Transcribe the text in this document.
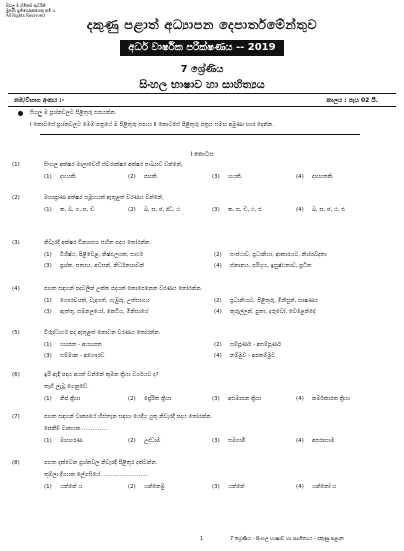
සියලු ම හිමිකම් ඇව්රිනි
මුළුමා ප්‍රතිශෝදකයෙකු නමි ය
All Rights Reserved
දකුණු පළාත් අධ්‍යාපන දෙපාර්තමේන්තුව
අර්ධ වාර්ෂික පරීක්ෂණය -- 2019
7 ශ්‍රේණිය
සිංහල භාෂාව හා සාහිත්‍යය
නම/විභාග අංකය :-	කාලය : පැය 02 යි.
සියලු ම ප්‍රශ්නවලට පිළිතුරු සපයන්න.
I කොටසේ ප්‍රශ්නවලට මෙම පත්‍රයේ ම පිළිතුරු සපයා II කොටසේ පිළිතුරු පත්‍රය සමඟ අමුණා භාර දෙන්න.
I කොටස
(1)	සිංහල අක්ෂර මාලාවෙහි ස්වරාක්ෂර අක්ෂර සංඛ්‍යාව වන්නේ,
(1) දහයකි.	(2) පහකි.	(3) හයකි.	(4) දහහතකි.
(2)	මහාප්‍රාණ අක්ෂර සමූහයක් ඇතුළත් වරණය වන්නේ,
(1) ක, ඛ, ග, ඝ, ඩ	(2) ඛ, ඝ, ඡ, ඣ, ඨ	(3) ක, ඝ, ඩ, ථ, ඪ	(4) ඛ, ඝ, ඡ, ඨ, ඪ
(3)	නිවැරදි අක්ෂර වින්‍යාසය සහිත පදය තෝරන්න.
(1) විශිෂ්ඨ, පිළිවෙළ, නිෂ්ඵලයක, සාර්ථ	(2) සංස්ථාව, ප්‍රධානියා, ආකාරයට, නිශ්ශබ්දතා
(3) ප්‍රශ්න, සත්‍යය, අවසන්, නිර්ධනයාවන්	(4) ස්නානය, පරිගූය, ඉසුෂ්ඨතාව, ප්‍රධිත
(4)	පහත සඳහන් පදවලින් උක්ත පදයක් නොපෙනෙන වරණය තෝරන්න.
(1) ගෞරවයක්, වැදගත්, ගැඹුරු, උත්සාහය	(2) ප්‍රධානියාට, පිළිතුරු, මිනිසුන්, භාෂණය
(3) ඇත්තු, සමනලයෝ, කෙටිය, මිනිසාගේ	(4) කුරුල්ලන්, පුතා, දරුවෝ, වෙළෙන්දෝ
(5)	විරුද්ධාර්ථ පද ඇතුළත් නොවන වරණය තෝරන්න.
(1) යහපත - අයහපත	(2) සම්පූර්ණ - අසම්පූර්ණ
(3) සම්මාන - අගෞරව	(4) නම්මුව - අපකම්මුව
(6)	ඉරි ඇඳි පදය අයත් වන්නේ කුමන ක්‍රියා වර්ගයට ද?
තෑගී ලැබූ ගෙනුවේ.
(1) නිජ ක්‍රියා	(2) ප්‍රේරිත ක්‍රියා	(3) අසමාපන ක්‍රියා	(4) කර්මකාරක ක්‍රියා
(7)	පහත සඳහන් වාක්‍යයේ හිස්තැන සඳහා යෙදිය යුතු නිවැරදි පදය තෝරන්න.
පෙනීම් වාකයක ...............
(1) මඟහරණ	(2) උද්ධාම	(3) සමගාමි	(4) අපරාභාම
(8)	පහත දැක්වෙන ප්‍රශ්නවල නිවැරදි පිළිතුර දක්වන්න.
තුම්ලා දිගයක ලේගසියේ ..........................
(1) යන්නේ ය	(2) යන්නෙමු	(3) යන්නේ	(4) යන්නෝ ය
1	7 ශ්‍රේණිය - සිංහල භාෂාව හා සාහිත්‍යය - දකුණු පළාත
